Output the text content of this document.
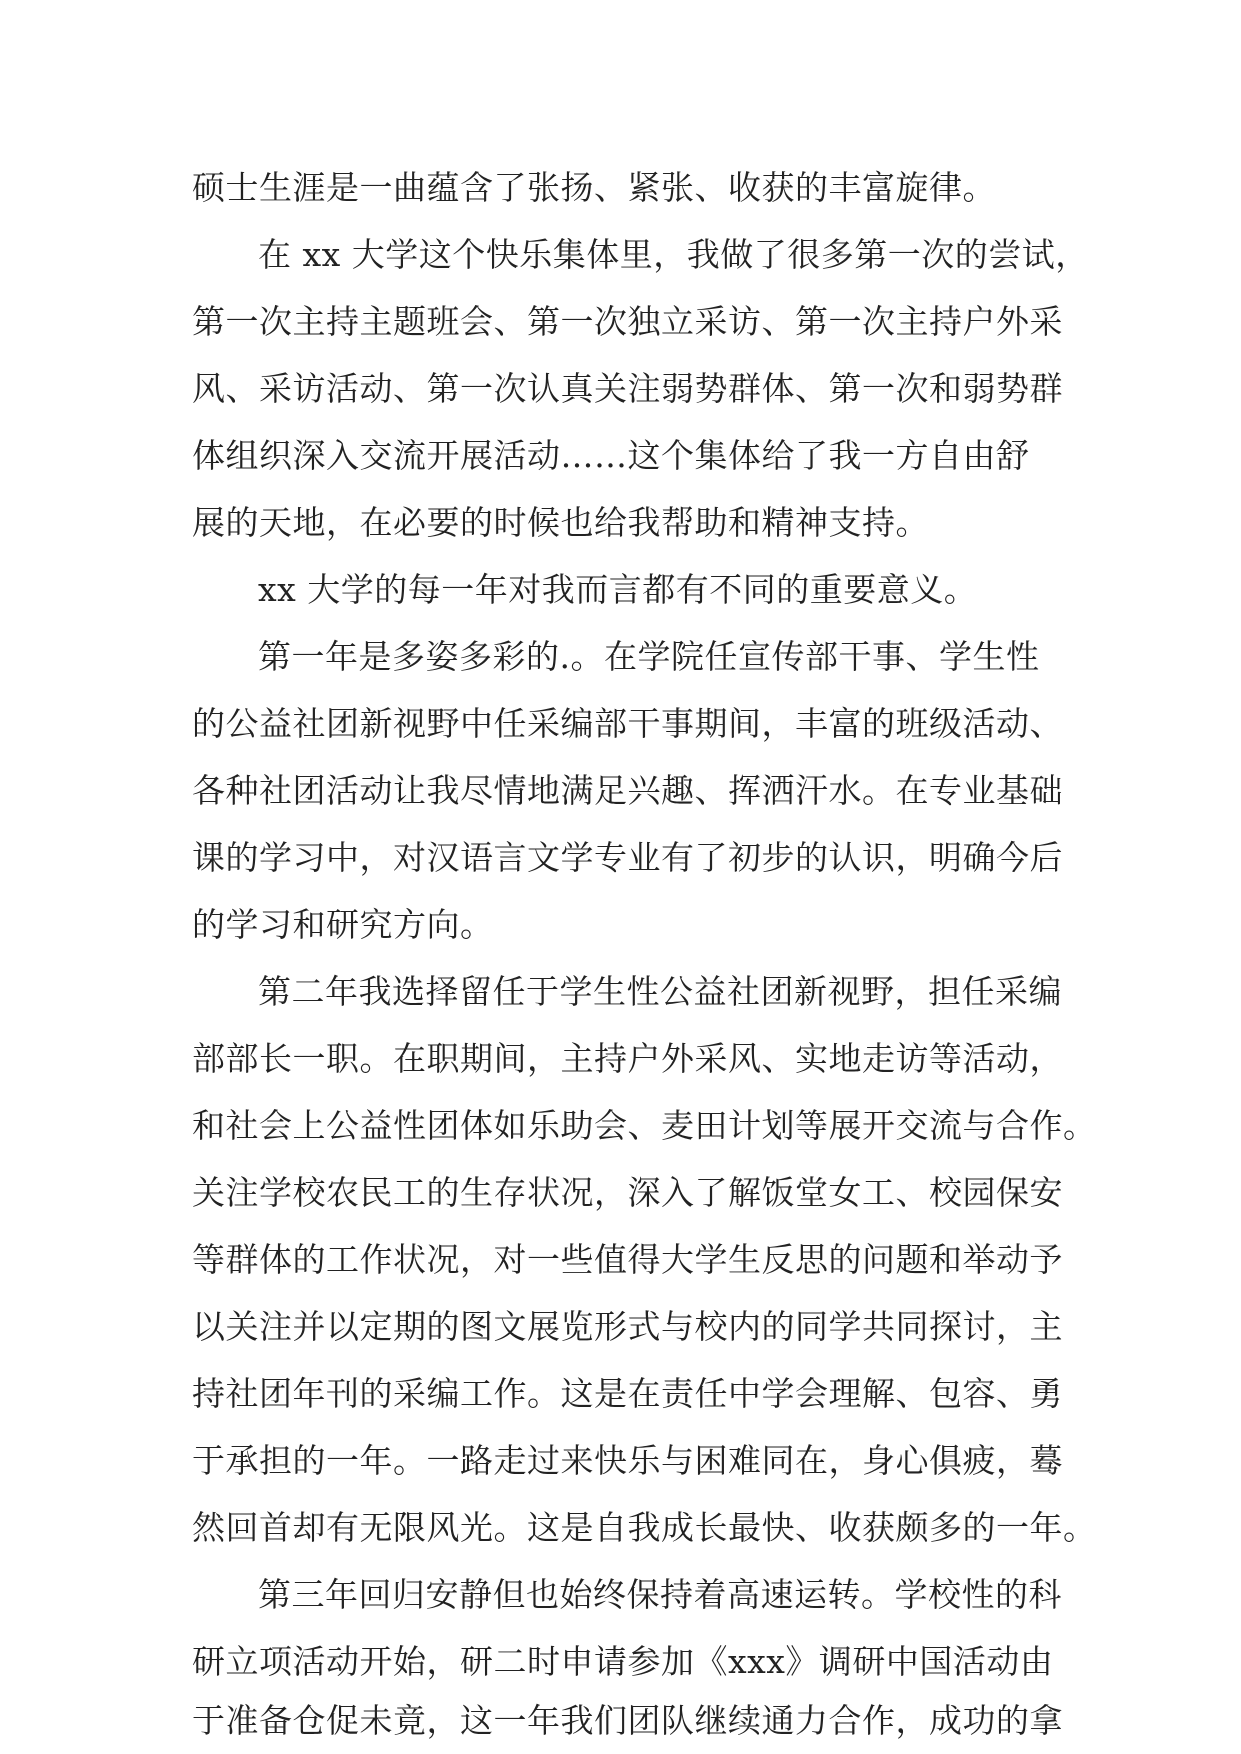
硕士生涯是一曲蕴含了张扬、紧张、收获的丰富旋律。
在 xx 大学这个快乐集体里，我做了很多第一次的尝试，
第一次主持主题班会、第一次独立采访、第一次主持户外采
风、采访活动、第一次认真关注弱势群体、第一次和弱势群
体组织深入交流开展活动……这个集体给了我一方自由舒
展的天地，在必要的时候也给我帮助和精神支持。
xx 大学的每一年对我而言都有不同的重要意义。
第一年是多姿多彩的.。在学院任宣传部干事、学生性
的公益社团新视野中任采编部干事期间，丰富的班级活动、
各种社团活动让我尽情地满足兴趣、挥洒汗水。在专业基础
课的学习中，对汉语言文学专业有了初步的认识，明确今后
的学习和研究方向。
第二年我选择留任于学生性公益社团新视野，担任采编
部部长一职。在职期间，主持户外采风、实地走访等活动，
和社会上公益性团体如乐助会、麦田计划等展开交流与合作。
关注学校农民工的生存状况，深入了解饭堂女工、校园保安
等群体的工作状况，对一些值得大学生反思的问题和举动予
以关注并以定期的图文展览形式与校内的同学共同探讨，主
持社团年刊的采编工作。这是在责任中学会理解、包容、勇
于承担的一年。一路走过来快乐与困难同在，身心俱疲，蓦
然回首却有无限风光。这是自我成长最快、收获颇多的一年。
第三年回归安静但也始终保持着高速运转。学校性的科
研立项活动开始，研二时申请参加《xxx》调研中国活动由
于准备仓促未竟，这一年我们团队继续通力合作，成功的拿
